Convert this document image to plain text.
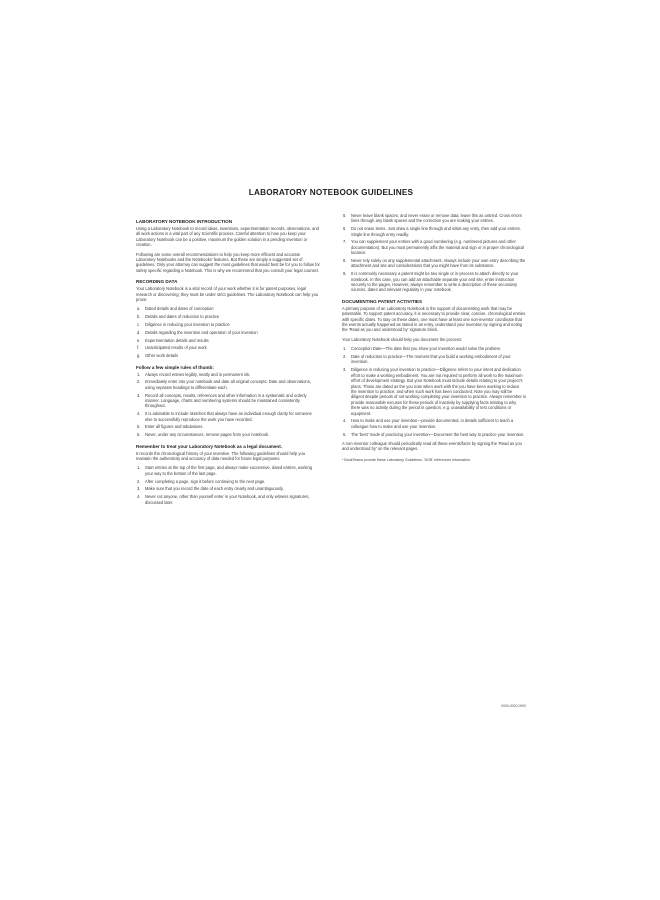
LABORATORY NOTEBOOK GUIDELINES
LABORATORY NOTEBOOK INTRODUCTION

Using a Laboratory Notebook to record ideas, inventions, experimentation records, observations, and all work actions is a vital part of any Scientific process. Careful attention to how you keep your Laboratory Notebook can be a positive, maximum the golden solution in a pending invention or creation.

Following are some overall recommendations to help you keep more efficient and accurate Laboratory Notebooks and the Notebooks' features. But these are simply a suggested set of guidelines. Only your attorney can suggest the most guidelines that would best be for you to follow for safety specific regarding a Notebook. This is why we recommend that you consult your legal counsel.

RECORDING DATA

Your Laboratory Notebook is a vital record of your work whether it is for patent purposes, legal research or discovering; they must be under strict guidelines. The Laboratory Notebook can help you prove:

a. Dated details and dates of conception
b. Details and dates of reduction to practice
c. Diligence in reducing your invention to practice
d. Details regarding the invention and operation of your invention
e. Experimentation details and results
f. Unanticipated results of your work
g. Other work details
Follow a few simple rules of thumb:
1. Always record entries legibly, neatly and in permanent ink.
2. Immediately enter into your notebook and date all original concepts. Date and observations, using separate headings to differentiate each.
3. Record all concepts, results, references and other information in a systematic and orderly manner. Language, charts and numbering systems should be maintained consistently throughout.
4. It is advisable to include sketches that always have an individual enough clarity for someone else to successfully reproduce the work you have recorded.
5. Enter all figures and tabulations.
6. Never, under any circumstances, remove pages from your notebook.
Remember to treat your Laboratory Notebook as a legal document.

It records the chronological history of your inventive. The following guidelines should help you maintain the authenticity and accuracy of data needed for future legal purposes.

1. Start entries at the top of the first page, and always make successive, dated entries, working your way to the bottom of the last page.
2. After completing a page, sign it before continuing to the next page.
3. Make sure that you record the date of each entry clearly and unambiguously.
4. Never cut anyone, other than yourself enter in your Notebook, and only witness signatures, discussed later.
5. Never leave blank spaces, and never erase or remove data, leave this as untried. Cross errors lines through any blank spaces and the correction you are making your entries.
6. Do not erase items. Just draw a single line through and initial any entry, then add your entries. Single line through entry readily.
7. You can supplement your entries with a good numbering (e.g. numbered pictures and other documentation). But you must permanently affix the material and sign or in proper chronological location.
8. Never rely solely on any supplemental attachment. Always include your own entry describing the attachment and site and considerations that you might have from its substance.
9. It is commonly necessary a patent might be two single or in-process to attach directly to your notebook. In this case, you can add an attachable separate your and site, enter instruction securely to the pages. However, always remember to write a description of these secondary sources, dates and relevant regularity in your notebook.
DOCUMENTING PATENT ACTIVITIES

A primary purpose of an Laboratory Notebook is the support of documenting work that may be patentable. To support patent accuracy, it is necessary to provide clear, concise, chronological entries with specific dates. To stay on these dates, one must have at least one non-inventor coordinate that the events actually happened as stated in an entry, understand your invention by signing and noting the 'Read as you and understood by' signature block.

Your Laboratory Notebook should help you document the process:

1. Conception Date—The date that you show your invention would solve the problem.
2. Date of reduction to practice—The moment that you build a working embodiment of your invention.
3. Diligence in reducing your invention to practice—Diligence refers to your intent and dedication effort to make a working embodiment. You are not required to perform all work to the maximum effort of development strategy. But your Notebook must include details relating to your project's plans. Those are dated as the you note when work with the you have been working to reduce the invention to practice; and when such work has been conducted. Note you may still be diligent despite periods of not working completing your invention to practice. Always remember is provide reasonable excuses for these periods of inactivity by supplying facts relating to why there was no activity during the period in question, e.g. unavailability of test conditions or equipment.
4. How to make and use your invention—provide documented, in details sufficient to teach a colleague how to make and use your invention.
5. The 'best' mode of practicing your invention—Document the best way to practice your invention.

A non-inventor colleague should periodically read all these events/facts by signing the 'Read as you and understood by' on the relevant pages.

* BookTeams provide these Laboratory Guidelines. 'DOB' references information.
0000-0000-0000
